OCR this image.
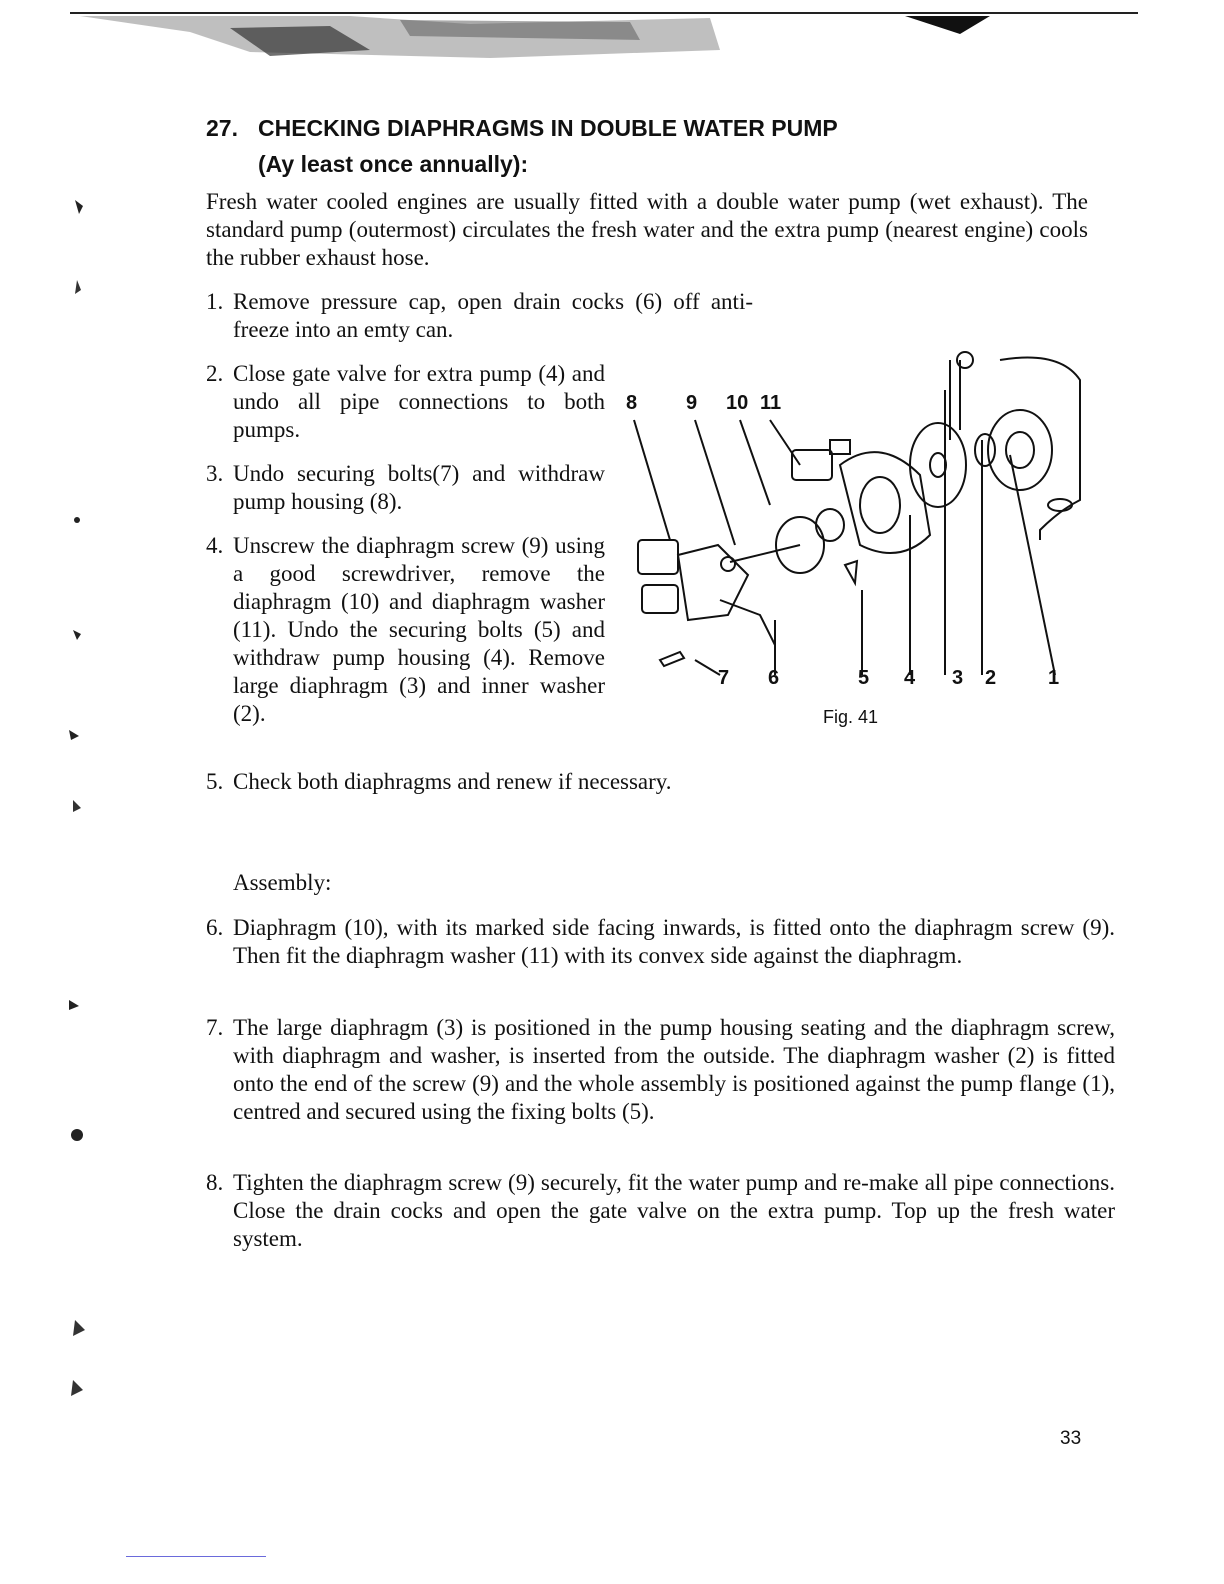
27. CHECKING DIAPHRAGMS IN DOUBLE WATER PUMP
(Ay least once annually):

Fresh water cooled engines are usually fitted with a double water pump (wet exhaust). The standard pump (outermost) circulates the fresh water and the extra pump (nearest engine) cools the rubber exhaust hose.

1. Remove pressure cap, open drain cocks (6) off anti-freeze into an emty can.

2. Close gate valve for extra pump (4) and undo all pipe connections to both pumps.

3. Undo securing bolts(7) and withdraw pump housing (8).

4. Unscrew the diaphragm screw (9) using a good screwdriver, remove the diaphragm (10) and diaphragm washer (11). Undo the securing bolts (5) and withdraw pump housing (4). Remove large diaphragm (3) and inner washer (2).

5. Check both diaphragms and renew if necessary.

8 9 10 11
7 6	5 4 3 2	1
Fig. 41
Assembly:

6. Diaphragm (10), with its marked side facing inwards, is fitted onto the diaphragm screw (9). Then fit the diaphragm washer (11) with its convex side against the diaphragm.

7. The large diaphragm (3) is positioned in the pump housing seating and the diaphragm screw, with diaphragm and washer, is inserted from the outside. The diaphragm washer (2) is fitted onto the end of the screw (9) and the whole assembly is positioned against the pump flange (1), centred and secured using the fixing bolts (5).

8. Tighten the diaphragm screw (9) securely, fit the water pump and re-make all pipe connections. Close the drain cocks and open the gate valve on the extra pump. Top up the fresh water system.

33
